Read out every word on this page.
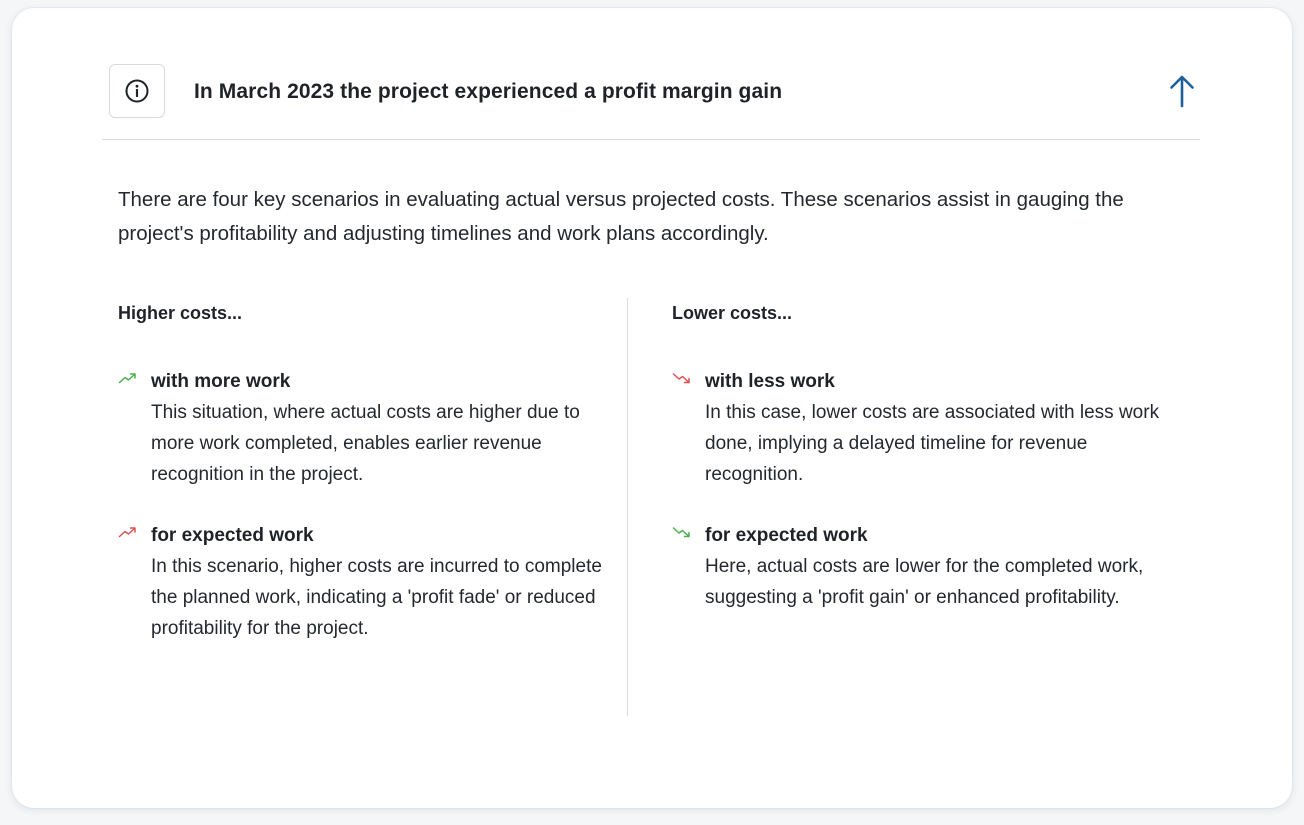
In March 2023 the project experienced a profit margin gain

There are four key scenarios in evaluating actual versus projected costs. These scenarios assist in gauging the project's profitability and adjusting timelines and work plans accordingly.

Higher costs...
with more work

This situation, where actual costs are higher due to more work completed, enables earlier revenue recognition in the project.

for expected work

In this scenario, higher costs are incurred to complete the planned work, indicating a 'profit fade' or reduced profitability for the project.

Lower costs...
with less work

In this case, lower costs are associated with less work done, implying a delayed timeline for revenue recognition.

for expected work

Here, actual costs are lower for the completed work, suggesting a 'profit gain' or enhanced profitability.
